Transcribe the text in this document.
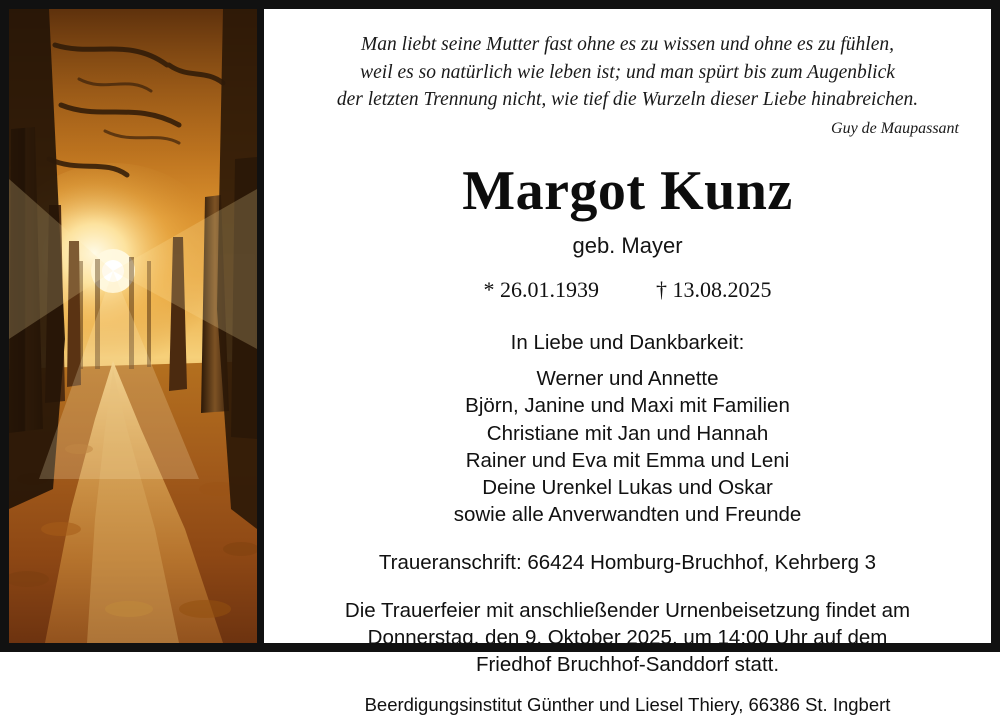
Man liebt seine Mutter fast ohne es zu wissen und ohne es zu fühlen,
weil es so natürlich wie leben ist; und man spürt bis zum Augenblick
der letzten Trennung nicht, wie tief die Wurzeln dieser Liebe hinabreichen.
Guy de Maupassant
Margot Kunz
geb. Mayer
* 26.01.1939	† 13.08.2025
In Liebe und Dankbarkeit:
Werner und Annette
Björn, Janine und Maxi mit Familien
Christiane mit Jan und Hannah
Rainer und Eva mit Emma und Leni
Deine Urenkel Lukas und Oskar
sowie alle Anverwandten und Freunde
Traueranschrift: 66424 Homburg-Bruchhof, Kehrberg 3
Die Trauerfeier mit anschließender Urnenbeisetzung findet am
Donnerstag, den 9. Oktober 2025, um 14:00 Uhr auf dem
Friedhof Bruchhof-Sanddorf statt.
Beerdigungsinstitut Günther und Liesel Thiery, 66386 St. Ingbert
